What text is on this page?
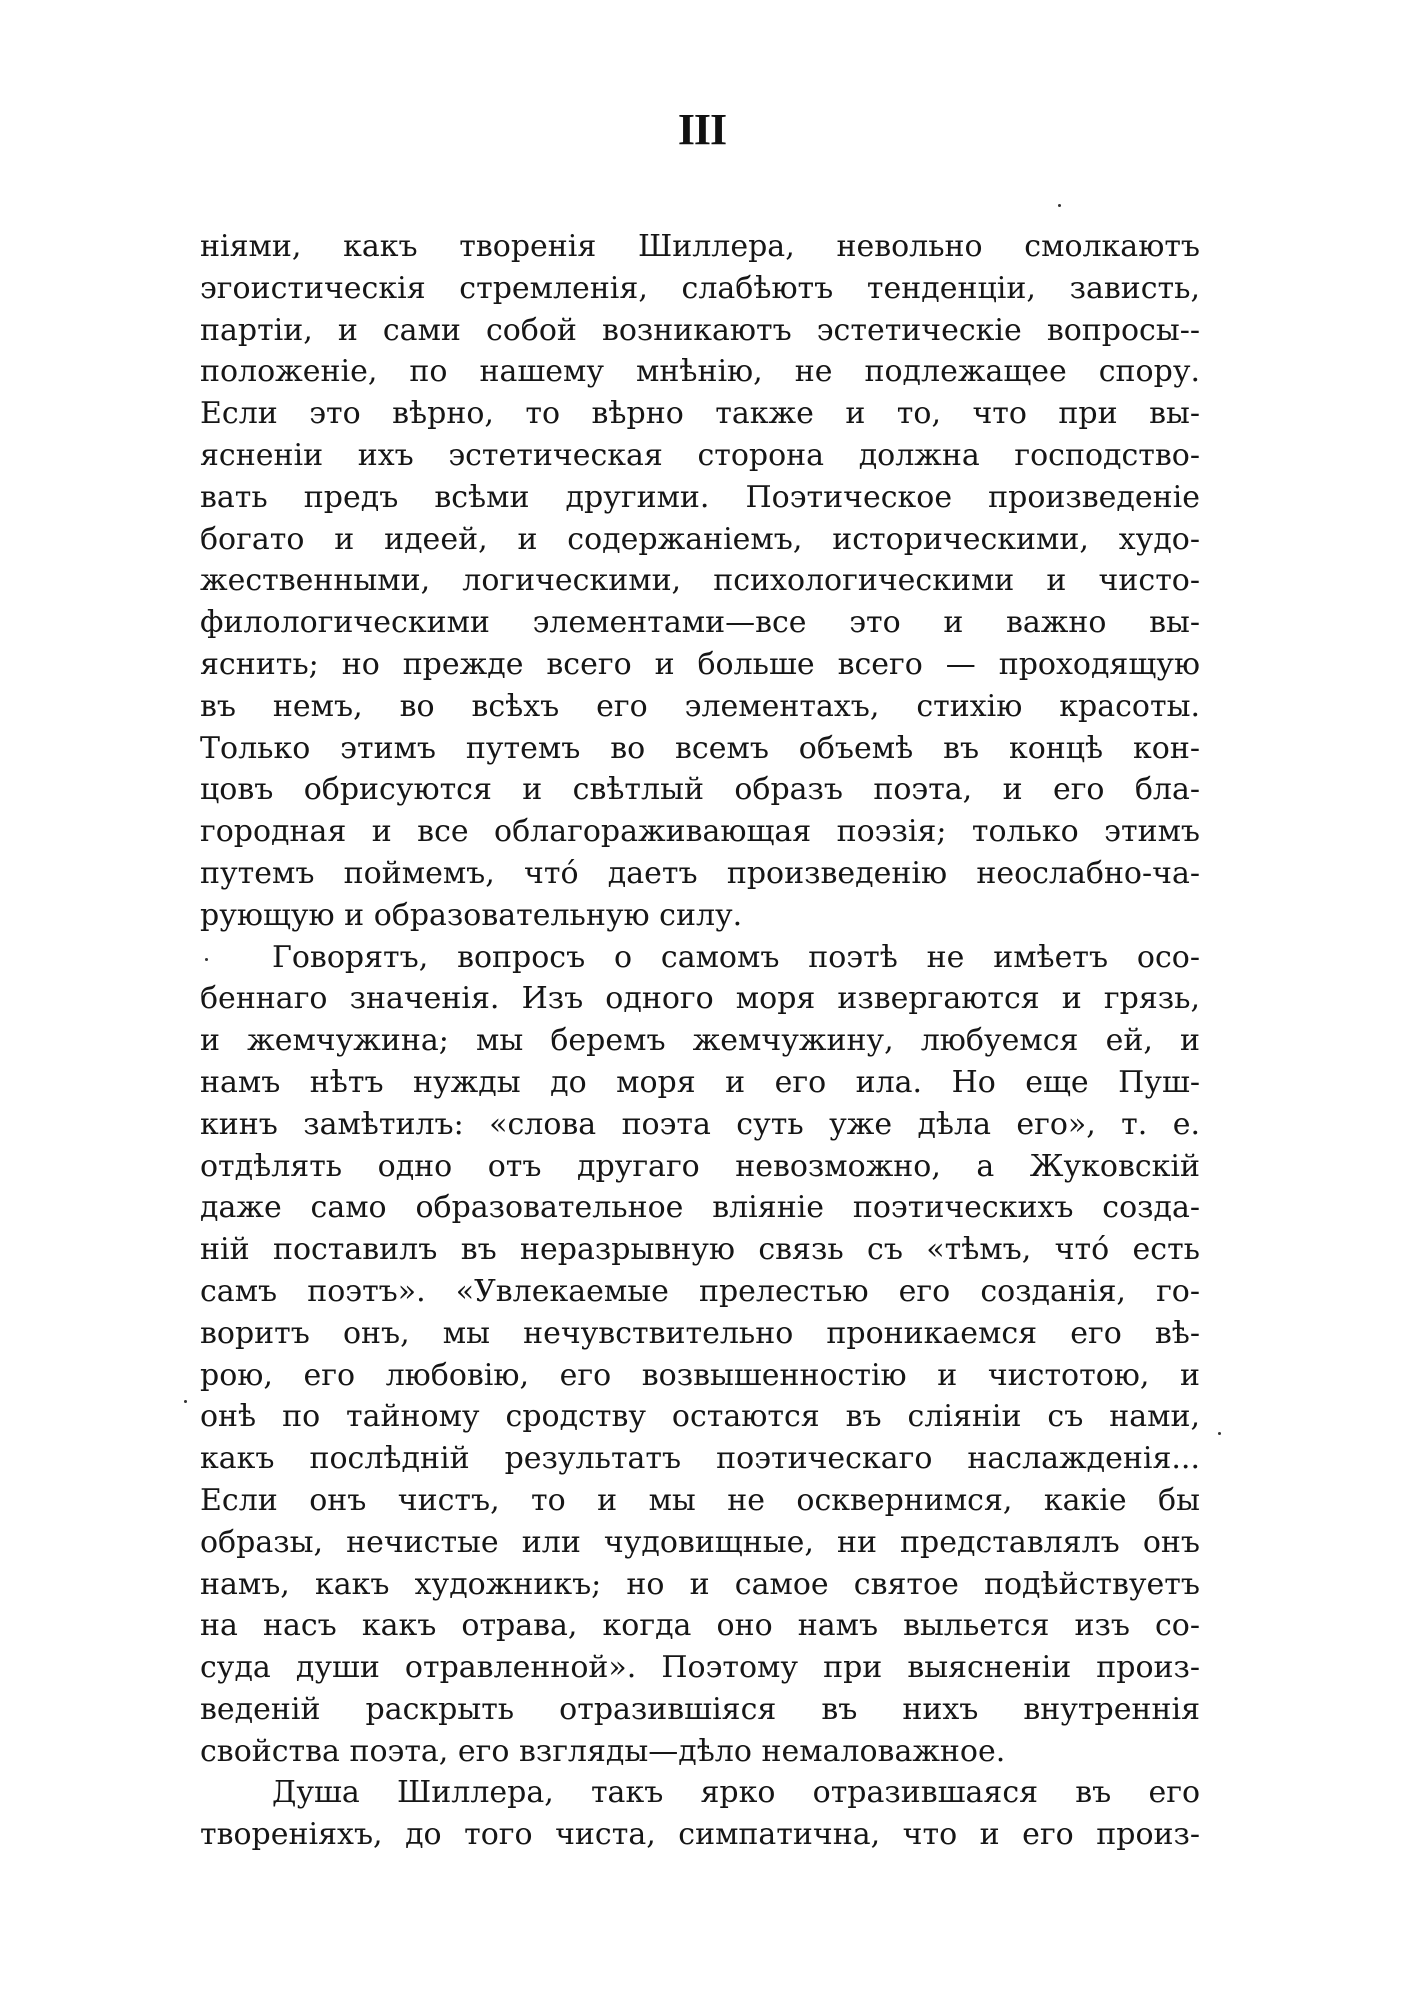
III
ніями, какъ творенія Шиллера, невольно смолкаютъ
эгоистическія стремленія, слабѣютъ тенденціи, зависть,
партіи, и сами собой возникаютъ эстетическіе вопросы--
положеніе, по нашему мнѣнію, не подлежащее спору.
Если это вѣрно, то вѣрно также и то, что при вы-
ясненіи ихъ эстетическая сторона должна господство-
вать предъ всѣми другими. Поэтическое произведеніе
богато и идеей, и содержаніемъ, историческими, худо-
жественными, логическими, психологическими и чисто-
филологическими элементами—все это и важно вы-
яснить; но прежде всего и больше всего — проходящую
въ немъ, во всѣхъ его элементахъ, стихію красоты.
Только этимъ путемъ во всемъ объемѣ въ концѣ кон-
цовъ обрисуются и свѣтлый образъ поэта, и его бла-
городная и все облагораживающая поэзія; только этимъ
путемъ поймемъ, что́ даетъ произведенію неослабно-ча-
рующую и образовательную силу.
Говорятъ, вопросъ о самомъ поэтѣ не имѣетъ осо-
беннаго значенія. Изъ одного моря извергаются и грязь,
и жемчужина; мы беремъ жемчужину, любуемся ей, и
намъ нѣтъ нужды до моря и его ила. Но еще Пуш-
кинъ замѣтилъ: «слова поэта суть уже дѣла его», т. е.
отдѣлять одно отъ другаго невозможно, а Жуковскій
даже само образовательное вліяніе поэтическихъ созда-
ній поставилъ въ неразрывную связь съ «тѣмъ, что́ есть
самъ поэтъ». «Увлекаемые прелестью его созданія, го-
воритъ онъ, мы нечувствительно проникаемся его вѣ-
рою, его любовію, его возвышенностію и чистотою, и
онѣ по тайному сродству остаются въ сліяніи съ нами,
какъ послѣдній результатъ поэтическаго наслажденія...
Если онъ чистъ, то и мы не осквернимся, какіе бы
образы, нечистые или чудовищные, ни представлялъ онъ
намъ, какъ художникъ; но и самое святое подѣйствуетъ
на насъ какъ отрава, когда оно намъ выльется изъ со-
суда души отравленной». Поэтому при выясненіи произ-
веденій раскрыть отразившіяся въ нихъ внутреннія
свойства поэта, его взгляды—дѣло немаловажное.
Душа Шиллера, такъ ярко отразившаяся въ его
твореніяхъ, до того чиста, симпатична, что и его произ-
